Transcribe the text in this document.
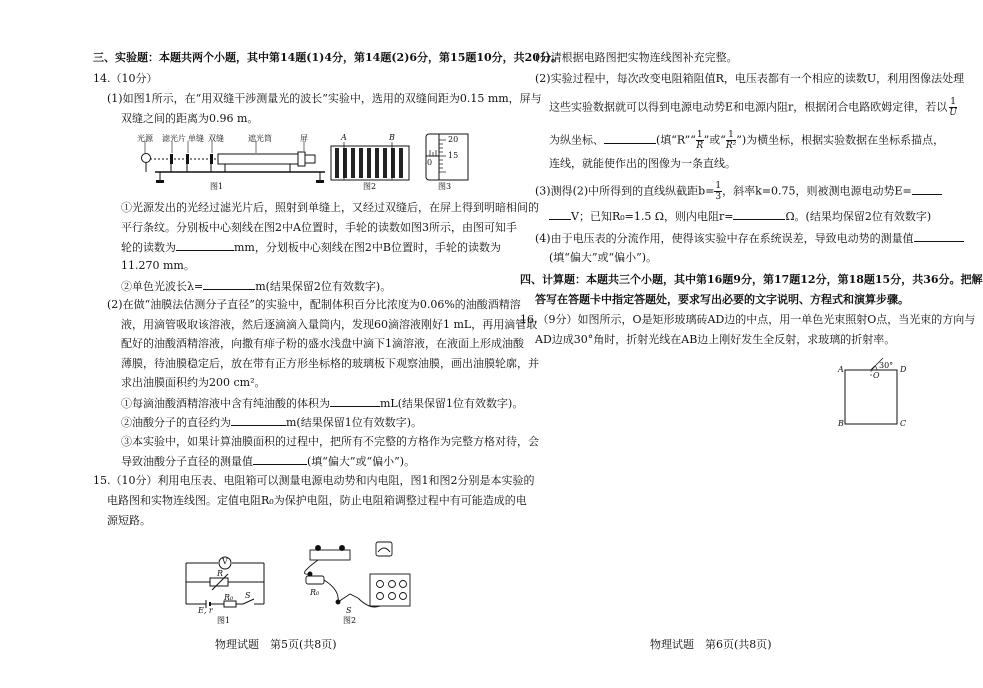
三、实验题：本题共两个小题，其中第14题(1)4分，第14题(2)6分，第15题10分，共20分。
14.（10分）
(1)如图1所示，在“用双缝干涉测量光的波长”实验中，选用的双缝间距为0.15 mm，屏与
双缝之间的距离为0.96 m。
光源 滤光片 单缝 双缝	遮光筒	屏
图1
A	B
图2
20
15
0
图3
①光源发出的光经过滤光片后，照射到单缝上，又经过双缝后，在屏上得到明暗相间的
平行条纹。分别板中心刻线在图2中A位置时，手轮的读数如图3所示，由图可知手
轮的读数为	mm，分划板中心刻线在图2中B位置时，手轮的读数为
11.270 mm。
②单色光波长λ=	m(结果保留2位有效数字)。
(2)在做“油膜法估测分子直径”的实验中，配制体积百分比浓度为0.06%的油酸酒精溶
液，用滴管吸取该溶液，然后逐滴滴入量筒内，发现60滴溶液刚好1 mL，再用滴管取
配好的油酸酒精溶液，向撒有痱子粉的盛水浅盘中滴下1滴溶液，在液面上形成油酸
薄膜，待油膜稳定后，放在带有正方形坐标格的玻璃板下观察油膜，画出油膜轮廓，并
求出油膜面积约为200 cm²。
①每滴油酸酒精溶液中含有纯油酸的体积为	mL(结果保留1位有效数字)。
②油酸分子的直径约为	m(结果保留1位有效数字)。
③本实验中，如果计算油膜面积的过程中，把所有不完整的方格作为完整方格对待，会
导致油酸分子直径的测量值	(填“偏大”或“偏小”)。
15.（10分）利用电压表、电阻箱可以测量电源电动势和内电阻，图1和图2分别是本实验的
电路图和实物连线图。定值电阻R₀为保护电阻，防止电阻箱调整过程中有可能造成的电
源短路。
V
R
R₀
E, r
S
图1
R₀
S
图2
物理试题　第5页(共8页)
(1)请根据电路图把实物连线图补充完整。
(2)实验过程中，每次改变电阻箱阻值R，电压表都有一个相应的读数U，利用图像法处理
这些实验数据就可以得到电源电动势E和电源内阻r，根据闭合电路欧姆定律，若以 $\frac{1}{U}$
为纵坐标、	(填“R”“ $\frac{1}{R}$ ”或“ $\frac{1}{\text{R²}}$ ”)为横坐标，根据实验数据在坐标系描点，
连线，就能使作出的图像为一条直线。
(3)测得(2)中所得到的直线纵截距$b= \frac{1}{3}$ ，斜率k=0.75，则被测电源电动势E=
V；已知R₀=1.5 Ω，则内电阻r=	Ω。(结果均保留2位有效数字)
(4)由于电压表的分流作用，使得该实验中存在系统误差，导致电动势的测量值
(填“偏大”或“偏小”)。
四、计算题：本题共三个小题，其中第16题9分，第17题12分，第18题15分，共36分。把解
答写在答题卡中指定答题处，要求写出必要的文字说明、方程式和演算步骤。
16.（9分）如图所示，O是矩形玻璃砖AD边的中点，用一单色光束照射O点，当光束的方向与
AD边成30°角时，折射光线在AB边上刚好发生全反射，求玻璃的折射率。
A	D
B	C
O
30°
物理试题　第6页(共8页)
